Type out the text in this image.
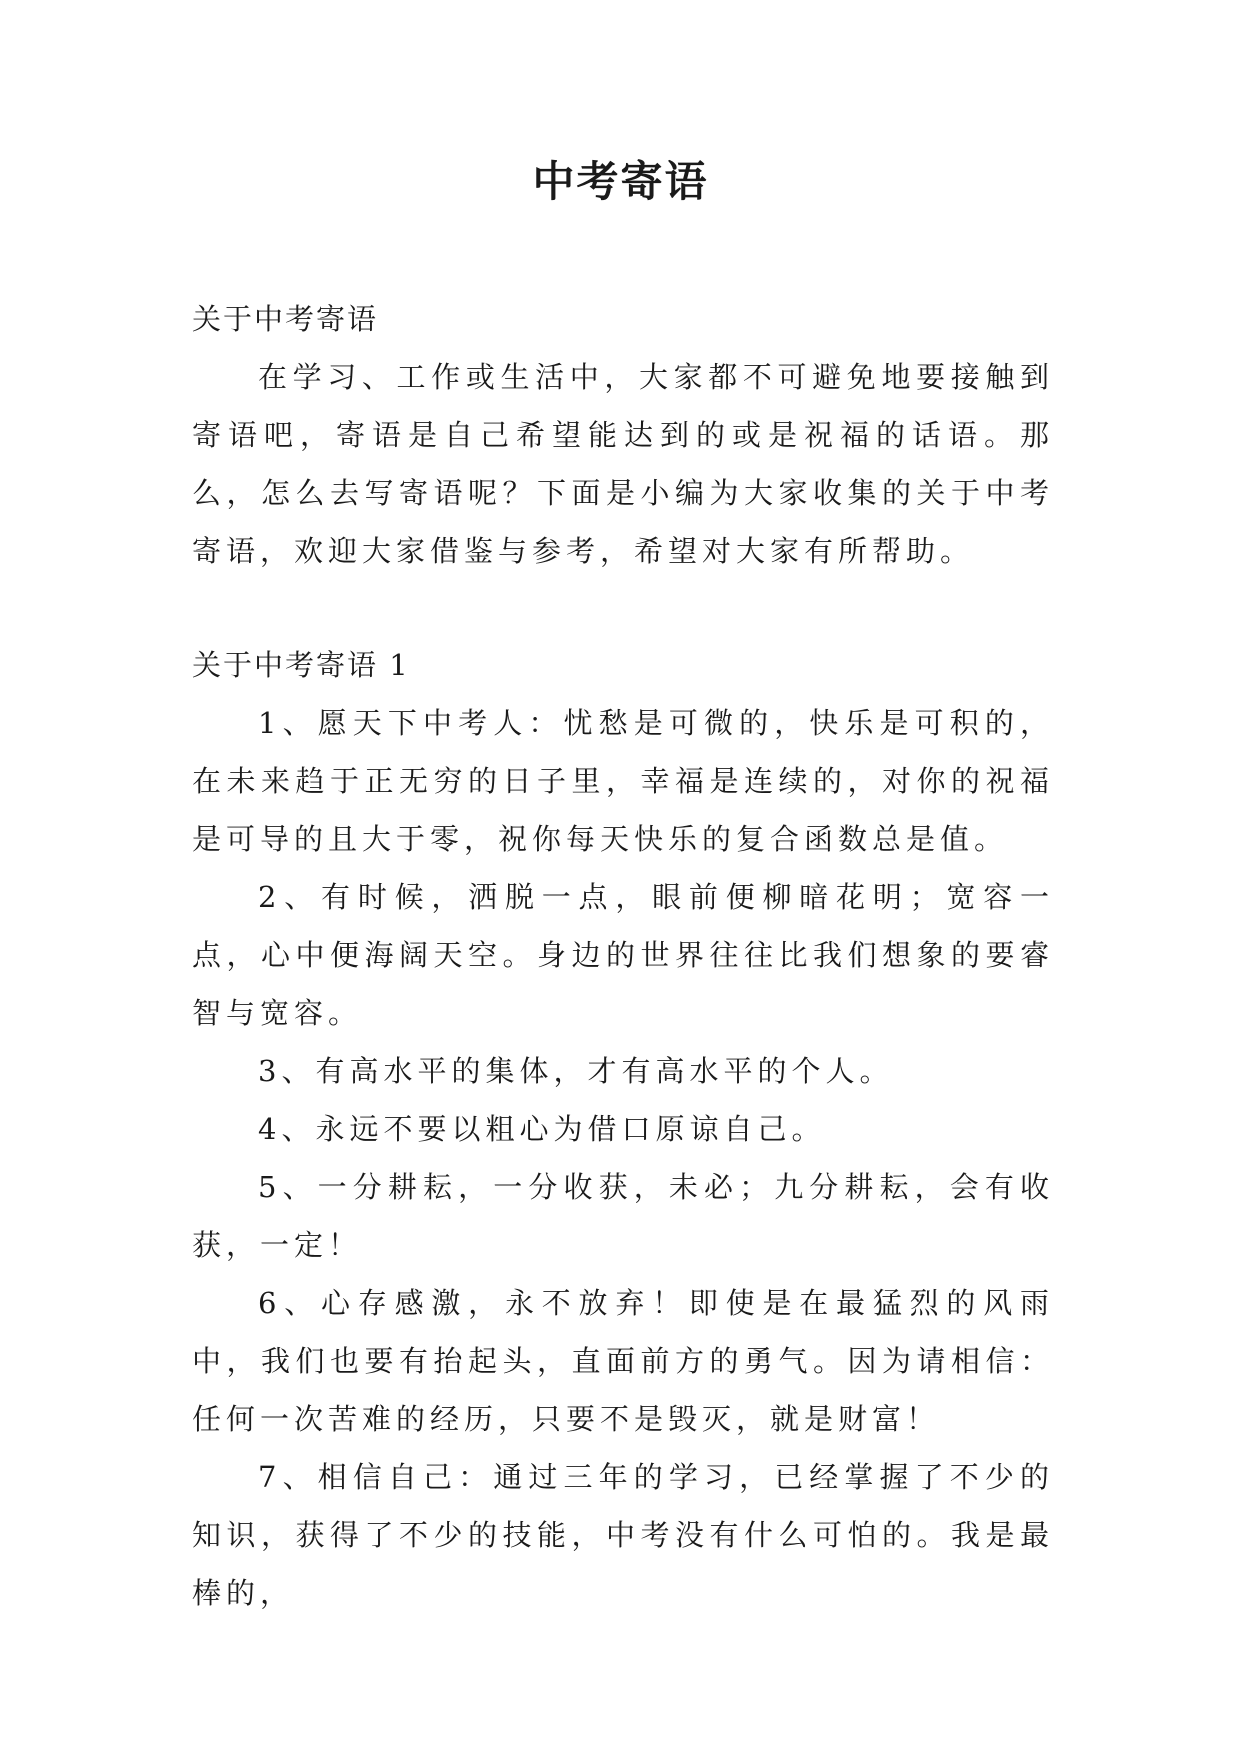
中考寄语
关于中考寄语

在学习、工作或生活中，大家都不可避免地要接触到寄语吧，寄语是自己希望能达到的或是祝福的话语。那么，怎么去写寄语呢？下面是小编为大家收集的关于中考寄语，欢迎大家借鉴与参考，希望对大家有所帮助。

关于中考寄语 1

1、愿天下中考人：忧愁是可微的，快乐是可积的，在未来趋于正无穷的日子里，幸福是连续的，对你的祝福是可导的且大于零，祝你每天快乐的复合函数总是值。

2、有时候，洒脱一点，眼前便柳暗花明；宽容一点，心中便海阔天空。身边的世界往往比我们想象的要睿智与宽容。

3、有高水平的集体，才有高水平的个人。

4、永远不要以粗心为借口原谅自己。

5、一分耕耘，一分收获，未必；九分耕耘，会有收获，一定！

6、心存感激，永不放弃！即使是在最猛烈的风雨中，我们也要有抬起头，直面前方的勇气。因为请相信：任何一次苦难的经历，只要不是毁灭，就是财富！

7、相信自己：通过三年的学习，已经掌握了不少的知识，获得了不少的技能，中考没有什么可怕的。我是最棒的，
